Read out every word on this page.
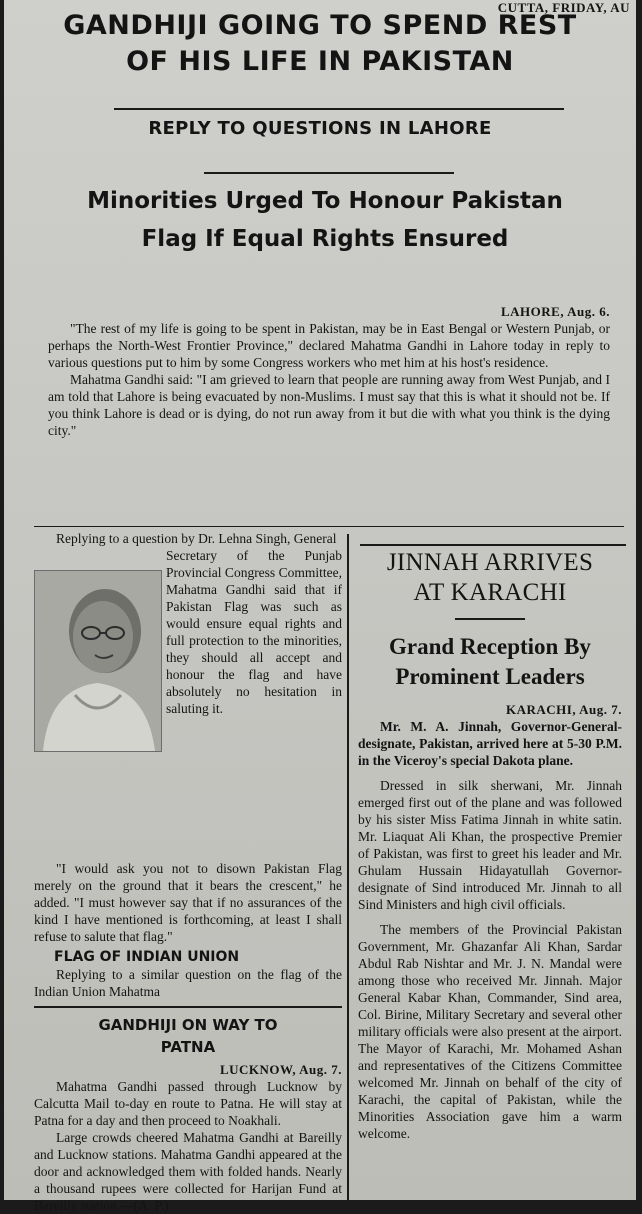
CUTTA, FRIDAY, AU
GANDHIJI GOING TO SPEND REST
OF HIS LIFE IN PAKISTAN
REPLY TO QUESTIONS IN LAHORE
Minorities Urged To Honour Pakistan
Flag If Equal Rights Ensured
LAHORE, Aug. 6.

"The rest of my life is going to be spent in Pakistan, may be in East Bengal or Western Punjab, or perhaps the North-West Frontier Province," declared Mahatma Gandhi in Lahore today in reply to various questions put to him by some Congress workers who met him at his host's residence.

Mahatma Gandhi said: "I am grieved to learn that people are running away from West Punjab, and I am told that Lahore is being evacuated by non-Muslims. I must say that this is what it should not be. If you think Lahore is dead or is dying, do not run away from it but die with what you think is the dying city."

Replying to a question by Dr. Lehna Singh, General

Secretary of the Punjab Provincial Congress Committee, Mahatma Gandhi said that if Pakistan Flag was such as would ensure equal rights and full protection to the minorities, they should all accept and honour the flag and have absolutely no hesitation in saluting it.

"I would ask you not to disown Pakistan Flag merely on the ground that it bears the crescent," he added. "I must however say that if no assurances of the kind I have mentioned is forthcoming, at least I shall refuse to salute that flag."

FLAG OF INDIAN UNION

Replying to a similar question on the flag of the Indian Union Mahatma

GANDHIJI ON WAY TO

PATNA

LUCKNOW, Aug. 7.

Mahatma Gandhi passed through Lucknow by Calcutta Mail to-day en route to Patna. He will stay at Patna for a day and then proceed to Noakhali.

Large crowds cheered Mahatma Gandhi at Bareilly and Lucknow stations. Mahatma Gandhi appeared at the door and acknowledged them with folded hands. Nearly a thousand rupees were collected for Harijan Fund at Bareilly station.—(A. P.)

JINNAH ARRIVES

AT KARACHI

Grand Reception By

Prominent Leaders

KARACHI, Aug. 7.

Mr. M. A. Jinnah, Governor-General-designate, Pakistan, arrived here at 5-30 P.M. in the Viceroy's special Dakota plane.

Dressed in silk sherwani, Mr. Jinnah emerged first out of the plane and was followed by his sister Miss Fatima Jinnah in white satin. Mr. Liaquat Ali Khan, the prospective Premier of Pakistan, was first to greet his leader and Mr. Ghulam Hussain Hidayatullah Governor-designate of Sind introduced Mr. Jinnah to all Sind Ministers and high civil officials.

The members of the Provincial Pakistan Government, Mr. Ghazanfar Ali Khan, Sardar Abdul Rab Nishtar and Mr. J. N. Mandal were among those who received Mr. Jinnah. Major General Kabar Khan, Commander, Sind area, Col. Birine, Military Secretary and several other military officials were also present at the airport. The Mayor of Karachi, Mr. Mohamed Ashan and representatives of the Citizens Committee welcomed Mr. Jinnah on behalf of the city of Karachi, the capital of Pakistan, while the Minorities Association gave him a warm welcome.
